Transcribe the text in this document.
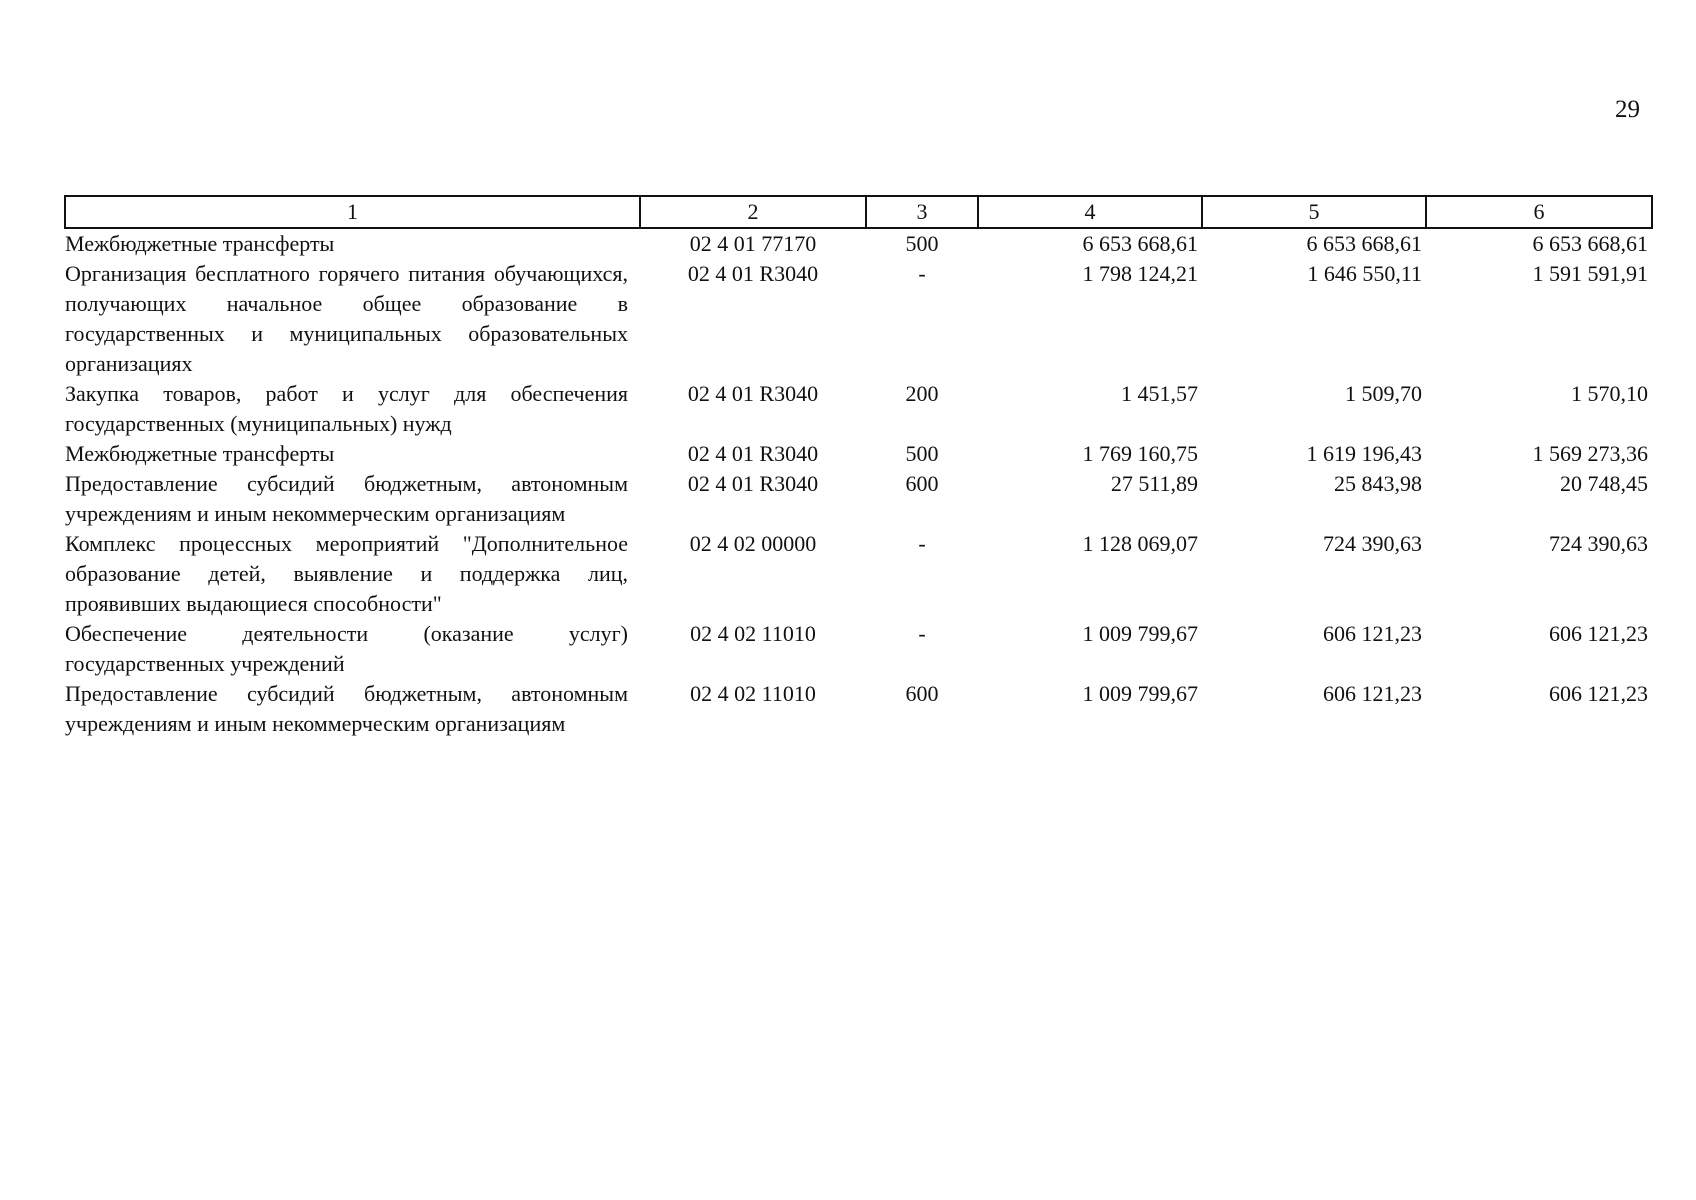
29
1	2	3	4	5	6
Межбюджетные трансферты	02 4 01 77170	500	6 653 668,61	6 653 668,61	6 653 668,61
Организация бесплатного горячего питания обучающихся, получающих начальное общее образование в государственных и муниципальных образовательных организациях	02 4 01 R3040	-	1 798 124,21	1 646 550,11	1 591 591,91
Закупка товаров, работ и услуг для обеспечения государственных (муниципальных) нужд	02 4 01 R3040	200	1 451,57	1 509,70	1 570,10
Межбюджетные трансферты	02 4 01 R3040	500	1 769 160,75	1 619 196,43	1 569 273,36
Предоставление субсидий бюджетным, автономным учреждениям и иным некоммерческим организациям	02 4 01 R3040	600	27 511,89	25 843,98	20 748,45
Комплекс процессных мероприятий "Дополнительное образование детей, выявление и поддержка лиц, проявивших выдающиеся способности"	02 4 02 00000	-	1 128 069,07	724 390,63	724 390,63
Обеспечение деятельности (оказание услуг) государственных учреждений	02 4 02 11010	-	1 009 799,67	606 121,23	606 121,23
Предоставление субсидий бюджетным, автономным учреждениям и иным некоммерческим организациям	02 4 02 11010	600	1 009 799,67	606 121,23	606 121,23
